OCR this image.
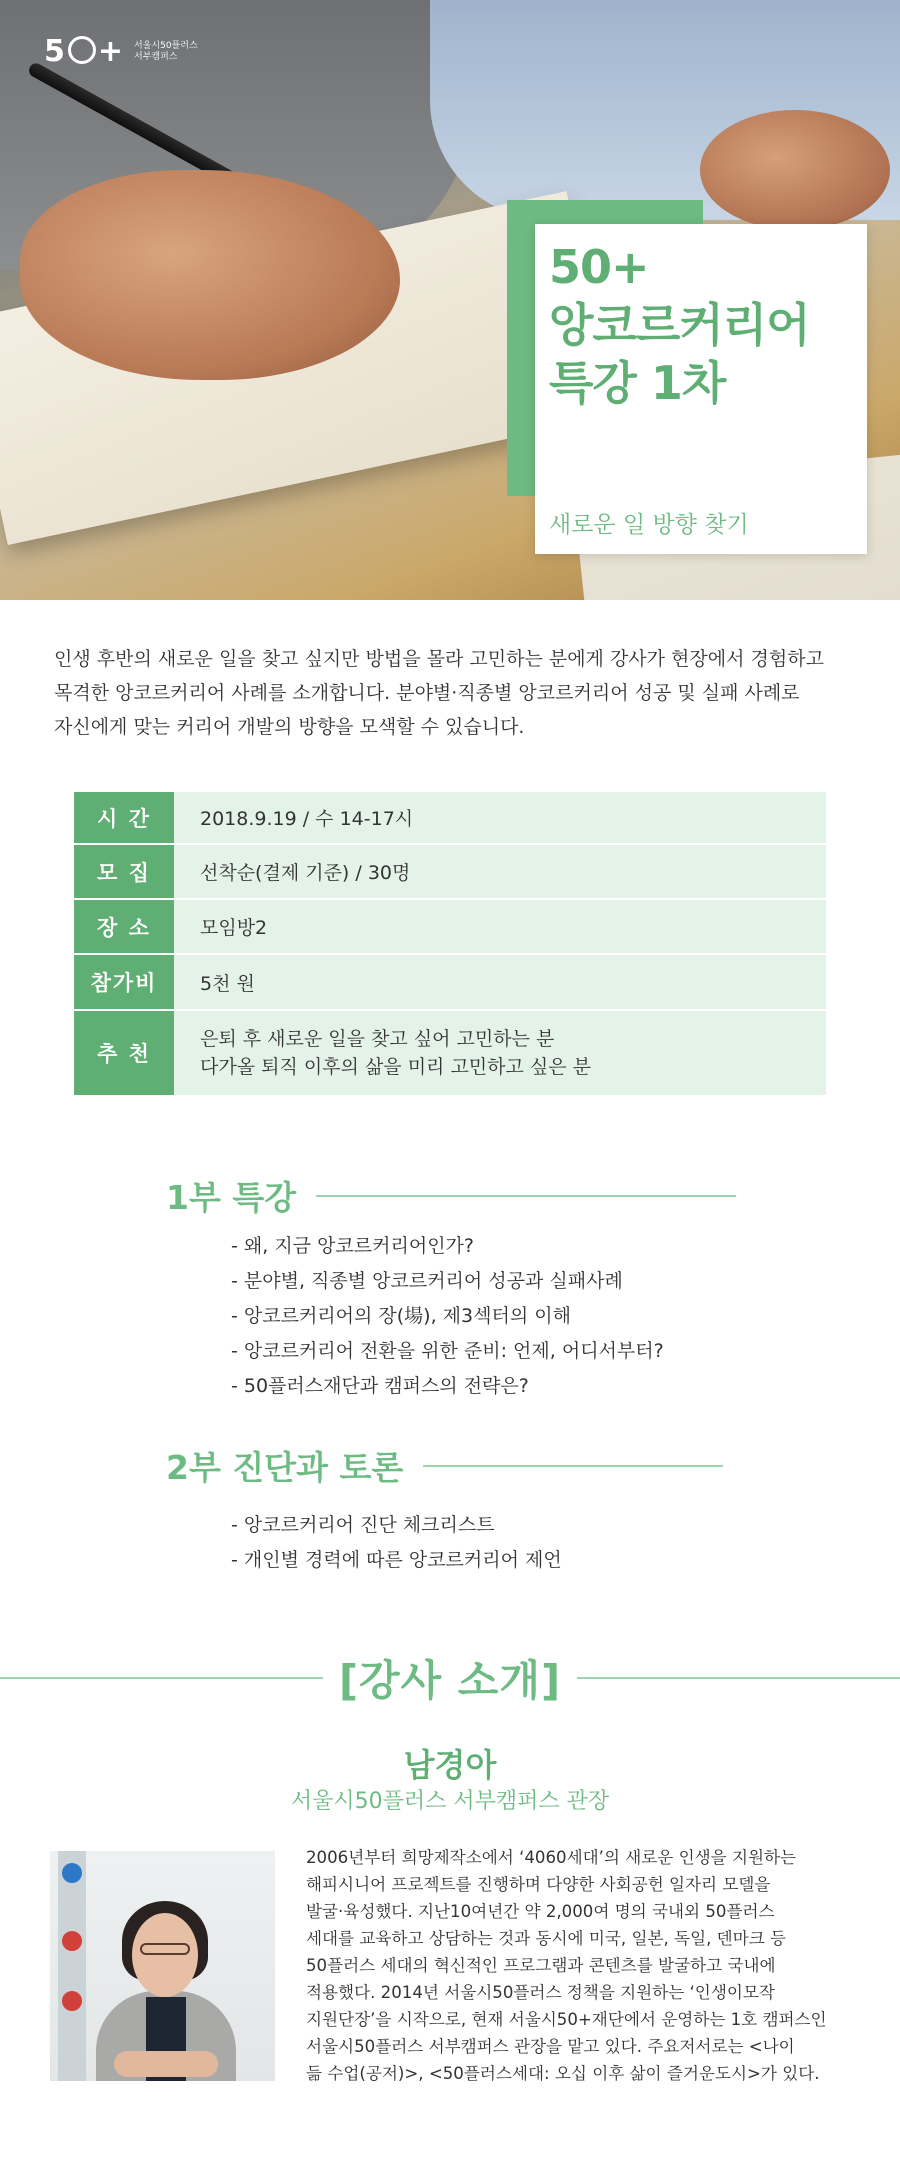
5 + 서울시50플러스
서부캠퍼스
50+
앙코르커리어
특강 1차
새로운 일 방향 찾기

인생 후반의 새로운 일을 찾고 싶지만 방법을 몰라 고민하는 분에게 강사가 현장에서 경험하고

목격한 앙코르커리어 사례를 소개합니다. 분야별·직종별 앙코르커리어 성공 및 실패 사례로

자신에게 맞는 커리어 개발의 방향을 모색할 수 있습니다.

시 간	2018.9.19 / 수 14-17시
모 집	선착순(결제 기준) / 30명
장 소	모임방2
참가비	5천 원
추 천	은퇴 후 새로운 일을 찾고 싶어 고민하는 분
다가올 퇴직 이후의 삶을 미리 고민하고 싶은 분
1부 특강
- 왜, 지금 앙코르커리어인가?
- 분야별, 직종별 앙코르커리어 성공과 실패사례
- 앙코르커리어의 장(場), 제3섹터의 이해
- 앙코르커리어 전환을 위한 준비: 언제, 어디서부터?
- 50플러스재단과 캠퍼스의 전략은?
2부 진단과 토론
- 앙코르커리어 진단 체크리스트
- 개인별 경력에 따른 앙코르커리어 제언
[강사 소개]
남경아
서울시50플러스 서부캠퍼스 관장
2006년부터 희망제작소에서 ‘4060세대’의 새로운 인생을 지원하는
해피시니어 프로젝트를 진행하며 다양한 사회공헌 일자리 모델을
발굴·육성했다. 지난10여년간 약 2,000여 명의 국내외 50플러스
세대를 교육하고 상담하는 것과 동시에 미국, 일본, 독일, 덴마크 등
50플러스 세대의 혁신적인 프로그램과 콘텐츠를 발굴하고 국내에
적용했다. 2014년 서울시50플러스 정책을 지원하는 ‘인생이모작
지원단장’을 시작으로, 현재 서울시50+재단에서 운영하는 1호 캠퍼스인
서울시50플러스 서부캠퍼스 관장을 맡고 있다. 주요저서로는 <나이
듦 수업(공저)>, <50플러스세대: 오십 이후 삶이 즐거운도시>가 있다.
